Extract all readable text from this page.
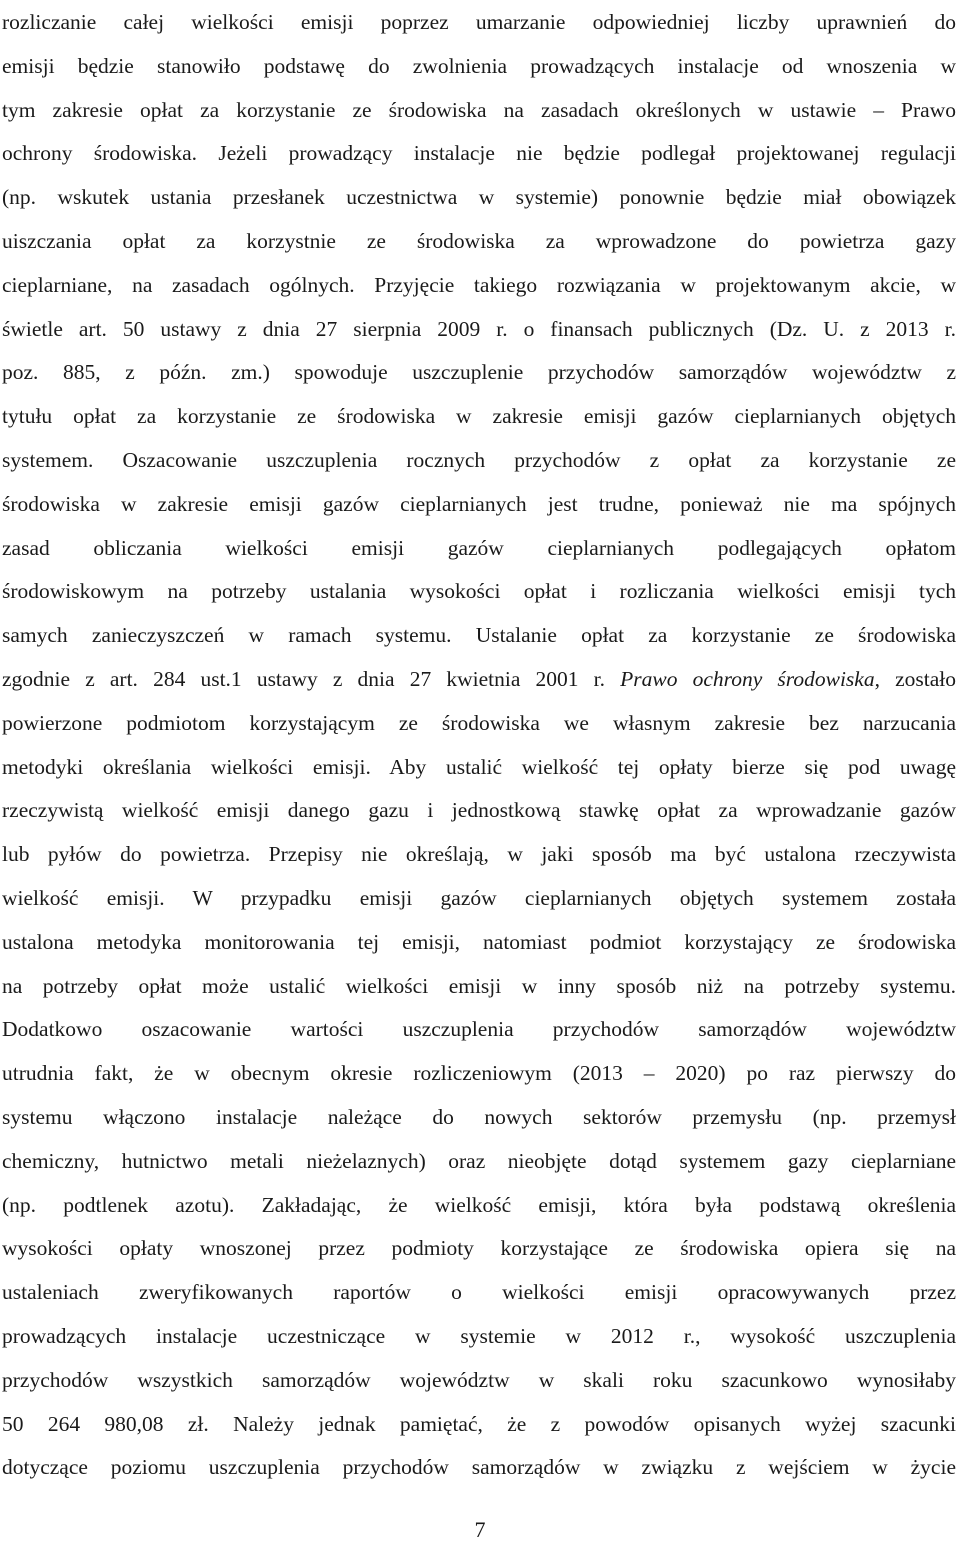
rozliczanie całej wielkości emisji poprzez umarzanie odpowiedniej liczby uprawnień do
emisji będzie stanowiło podstawę do zwolnienia prowadzących instalacje od wnoszenia w
tym zakresie opłat za korzystanie ze środowiska na zasadach określonych w ustawie – Prawo
ochrony środowiska. Jeżeli prowadzący instalacje nie będzie podlegał projektowanej regulacji
(np. wskutek ustania przesłanek uczestnictwa w systemie) ponownie będzie miał obowiązek
uiszczania opłat za korzystnie ze środowiska za wprowadzone do powietrza gazy
cieplarniane, na zasadach ogólnych. Przyjęcie takiego rozwiązania w projektowanym akcie, w
świetle art. 50 ustawy z dnia 27 sierpnia 2009 r. o finansach publicznych (Dz. U. z 2013 r.
poz. 885, z późn. zm.) spowoduje uszczuplenie przychodów samorządów województw z
tytułu opłat za korzystanie ze środowiska w zakresie emisji gazów cieplarnianych objętych
systemem. Oszacowanie uszczuplenia rocznych przychodów z opłat za korzystanie ze
środowiska w zakresie emisji gazów cieplarnianych jest trudne, ponieważ nie ma spójnych
zasad obliczania wielkości emisji gazów cieplarnianych podlegających opłatom
środowiskowym na potrzeby ustalania wysokości opłat i rozliczania wielkości emisji tych
samych zanieczyszczeń w ramach systemu. Ustalanie opłat za korzystanie ze środowiska
zgodnie z art. 284 ust.1 ustawy z dnia 27 kwietnia 2001 r. Prawo ochrony środowiska, zostało
powierzone podmiotom korzystającym ze środowiska we własnym zakresie bez narzucania
metodyki określania wielkości emisji. Aby ustalić wielkość tej opłaty bierze się pod uwagę
rzeczywistą wielkość emisji danego gazu i jednostkową stawkę opłat za wprowadzanie gazów
lub pyłów do powietrza. Przepisy nie określają, w jaki sposób ma być ustalona rzeczywista
wielkość emisji. W przypadku emisji gazów cieplarnianych objętych systemem została
ustalona metodyka monitorowania tej emisji, natomiast podmiot korzystający ze środowiska
na potrzeby opłat może ustalić wielkości emisji w inny sposób niż na potrzeby systemu.
Dodatkowo oszacowanie wartości uszczuplenia przychodów samorządów województw
utrudnia fakt, że w obecnym okresie rozliczeniowym (2013 – 2020) po raz pierwszy do
systemu włączono instalacje należące do nowych sektorów przemysłu (np. przemysł
chemiczny, hutnictwo metali nieżelaznych) oraz nieobjęte dotąd systemem gazy cieplarniane
(np. podtlenek azotu). Zakładając, że wielkość emisji, która była podstawą określenia
wysokości opłaty wnoszonej przez podmioty korzystające ze środowiska opiera się na
ustaleniach zweryfikowanych raportów o wielkości emisji opracowywanych przez
prowadzących instalacje uczestniczące w systemie w 2012 r., wysokość uszczuplenia
przychodów wszystkich samorządów województw w skali roku szacunkowo wynosiłaby
50 264 980,08 zł. Należy jednak pamiętać, że z powodów opisanych wyżej szacunki
dotyczące poziomu uszczuplenia przychodów samorządów w związku z wejściem w życie
7
